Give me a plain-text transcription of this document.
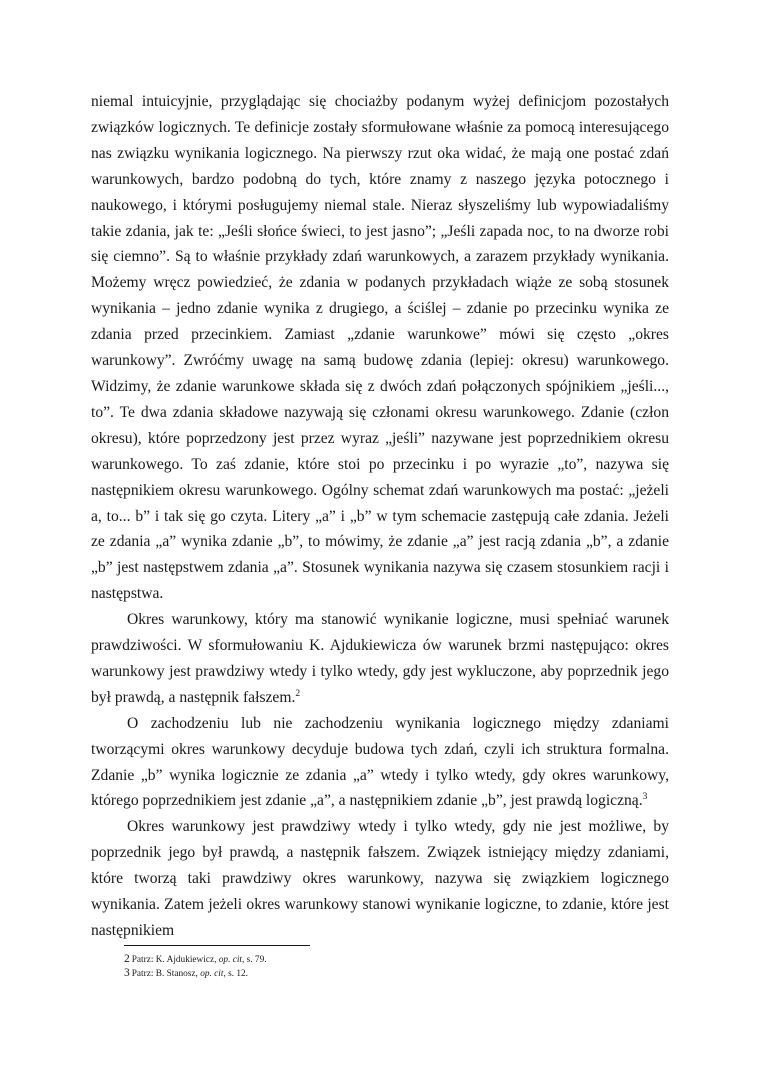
niemal intuicyjnie, przyglądając się chociażby podanym wyżej definicjom pozostałych związków logicznych. Te definicje zostały sformułowane właśnie za pomocą interesującego nas związku wynikania logicznego. Na pierwszy rzut oka widać, że mają one postać zdań warunkowych, bardzo podobną do tych, które znamy z naszego języka potocznego i naukowego, i którymi posługujemy niemal stale. Nieraz słyszeliśmy lub wypowiadaliśmy takie zdania, jak te: „Jeśli słońce świeci, to jest jasno”; „Jeśli zapada noc, to na dworze robi się ciemno”. Są to właśnie przykłady zdań warunkowych, a zarazem przykłady wynikania. Możemy wręcz powiedzieć, że zdania w podanych przykładach wiąże ze sobą stosunek wynikania – jedno zdanie wynika z drugiego, a ściślej – zdanie po przecinku wynika ze zdania przed przecinkiem. Zamiast „zdanie warunkowe” mówi się często „okres warunkowy”. Zwróćmy uwagę na samą budowę zdania (lepiej: okresu) warunkowego. Widzimy, że zdanie warunkowe składa się z dwóch zdań połączonych spójnikiem „jeśli..., to”. Te dwa zdania składowe nazywają się członami okresu warunkowego. Zdanie (człon okresu), które poprzedzony jest przez wyraz „jeśli” nazywane jest poprzednikiem okresu warunkowego. To zaś zdanie, które stoi po przecinku i po wyrazie „to”, nazywa się następnikiem okresu warunkowego. Ogólny schemat zdań warunkowych ma postać: „jeżeli a, to... b” i tak się go czyta. Litery „a” i „b” w tym schemacie zastępują całe zdania. Jeżeli ze zdania „a” wynika zdanie „b”, to mówimy, że zdanie „a” jest racją zdania „b”, a zdanie „b” jest następstwem zdania „a”. Stosunek wynikania nazywa się czasem stosunkiem racji i następstwa.

Okres warunkowy, który ma stanowić wynikanie logiczne, musi spełniać warunek prawdziwości. W sformułowaniu K. Ajdukiewicza ów warunek brzmi następująco: okres warunkowy jest prawdziwy wtedy i tylko wtedy, gdy jest wykluczone, aby poprzednik jego był prawdą, a następnik fałszem.$^2$

O zachodzeniu lub nie zachodzeniu wynikania logicznego między zdaniami tworzącymi okres warunkowy decyduje budowa tych zdań, czyli ich struktura formalna. Zdanie „b” wynika logicznie ze zdania „a” wtedy i tylko wtedy, gdy okres warunkowy, którego poprzednikiem jest zdanie „a”, a następnikiem zdanie „b”, jest prawdą logiczną.$^3$

Okres warunkowy jest prawdziwy wtedy i tylko wtedy, gdy nie jest możliwe, by poprzednik jego był prawdą, a następnik fałszem. Związek istniejący między zdaniami, które tworzą taki prawdziwy okres warunkowy, nazywa się związkiem logicznego wynikania. Zatem jeżeli okres warunkowy stanowi wynikanie logiczne, to zdanie, które jest następnikiem

2 Patrz: K. Ajdukiewicz, op. cit, s. 79.
3 Patrz: B. Stanosz, op. cit, s. 12.
